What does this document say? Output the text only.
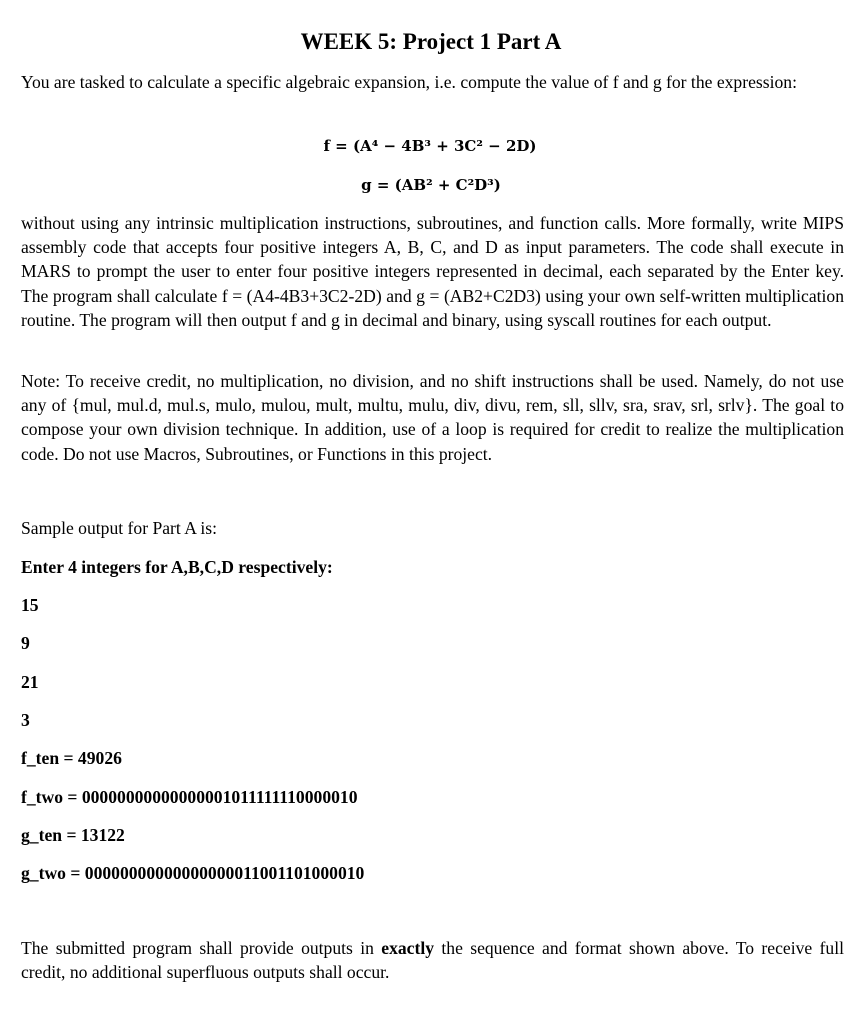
WEEK 5: Project 1 Part A

You are tasked to calculate a specific algebraic expansion, i.e. compute the value of f and g for the expression:

f = (A⁴ − 4B³ + 3C² − 2D)

g = (AB² + C²D³)

without using any intrinsic multiplication instructions, subroutines, and function calls. More formally, write MIPS assembly code that accepts four positive integers A, B, C, and D as input parameters. The code shall execute in MARS to prompt the user to enter four positive integers represented in decimal, each separated by the Enter key. The program shall calculate f = (A4-4B3+3C2-2D) and g = (AB2+C2D3) using your own self-written multiplication routine. The program will then output f and g in decimal and binary, using syscall routines for each output.

Note: To receive credit, no multiplication, no division, and no shift instructions shall be used. Namely, do not use any of {mul, mul.d, mul.s, mulo, mulou, mult, multu, mulu, div, divu, rem, sll, sllv, sra, srav, srl, srlv}. The goal to compose your own division technique. In addition, use of a loop is required for credit to realize the multiplication code. Do not use Macros, Subroutines, or Functions in this project.

Sample output for Part A is:

Enter 4 integers for A,B,C,D respectively:

15

9

21

3

f_ten = 49026

f_two = 00000000000000001011111110000010

g_ten = 13122

g_two = 00000000000000000011001101000010

The submitted program shall provide outputs in exactly the sequence and format shown above. To receive full credit, no additional superfluous outputs shall occur.
